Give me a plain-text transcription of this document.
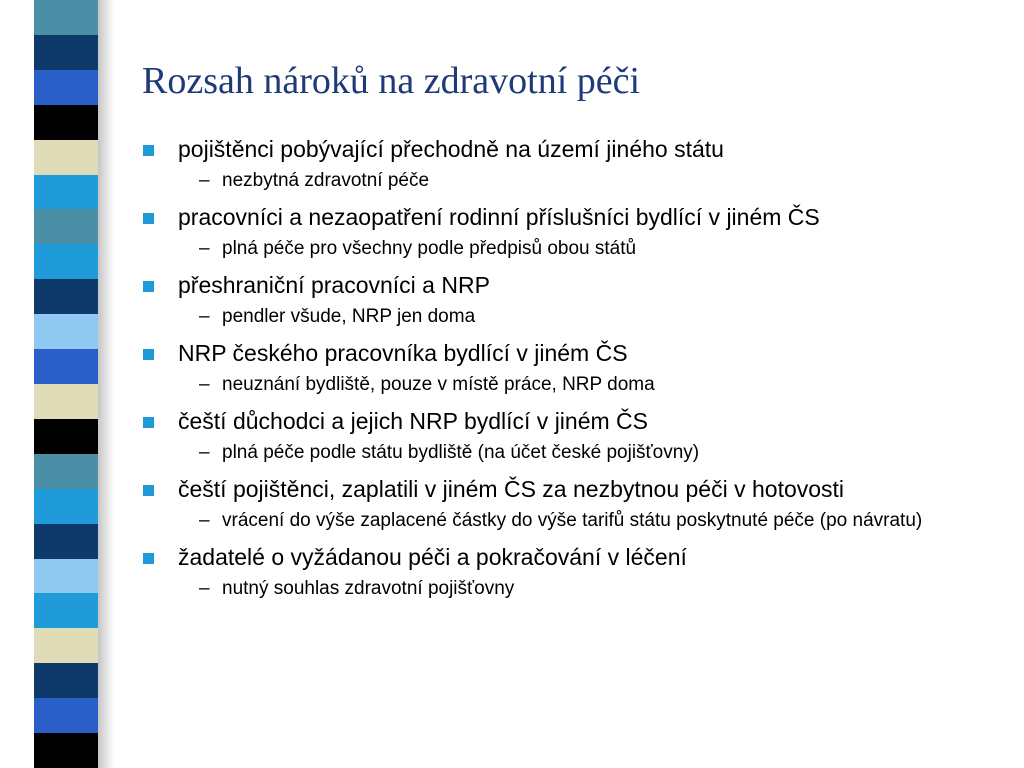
Rozsah nároků na zdravotní péči
pojištěnci pobývající přechodně na území jiného státu
– nezbytná zdravotní péče
pracovníci a nezaopatření rodinní příslušníci bydlící v jiném ČS
– plná péče pro všechny podle předpisů obou států
přeshraniční pracovníci a NRP
– pendler všude, NRP jen doma
NRP českého pracovníka bydlící v jiném ČS
– neuznání bydliště, pouze v místě práce, NRP doma
čeští důchodci a jejich NRP bydlící v jiném ČS
– plná péče podle státu bydliště (na účet české pojišťovny)
čeští pojištěnci, zaplatili v jiném ČS za nezbytnou péči v hotovosti
– vrácení do výše zaplacené částky do výše tarifů státu poskytnuté péče (po návratu)
žadatelé o vyžádanou péči a pokračování v léčení
– nutný souhlas zdravotní pojišťovny
